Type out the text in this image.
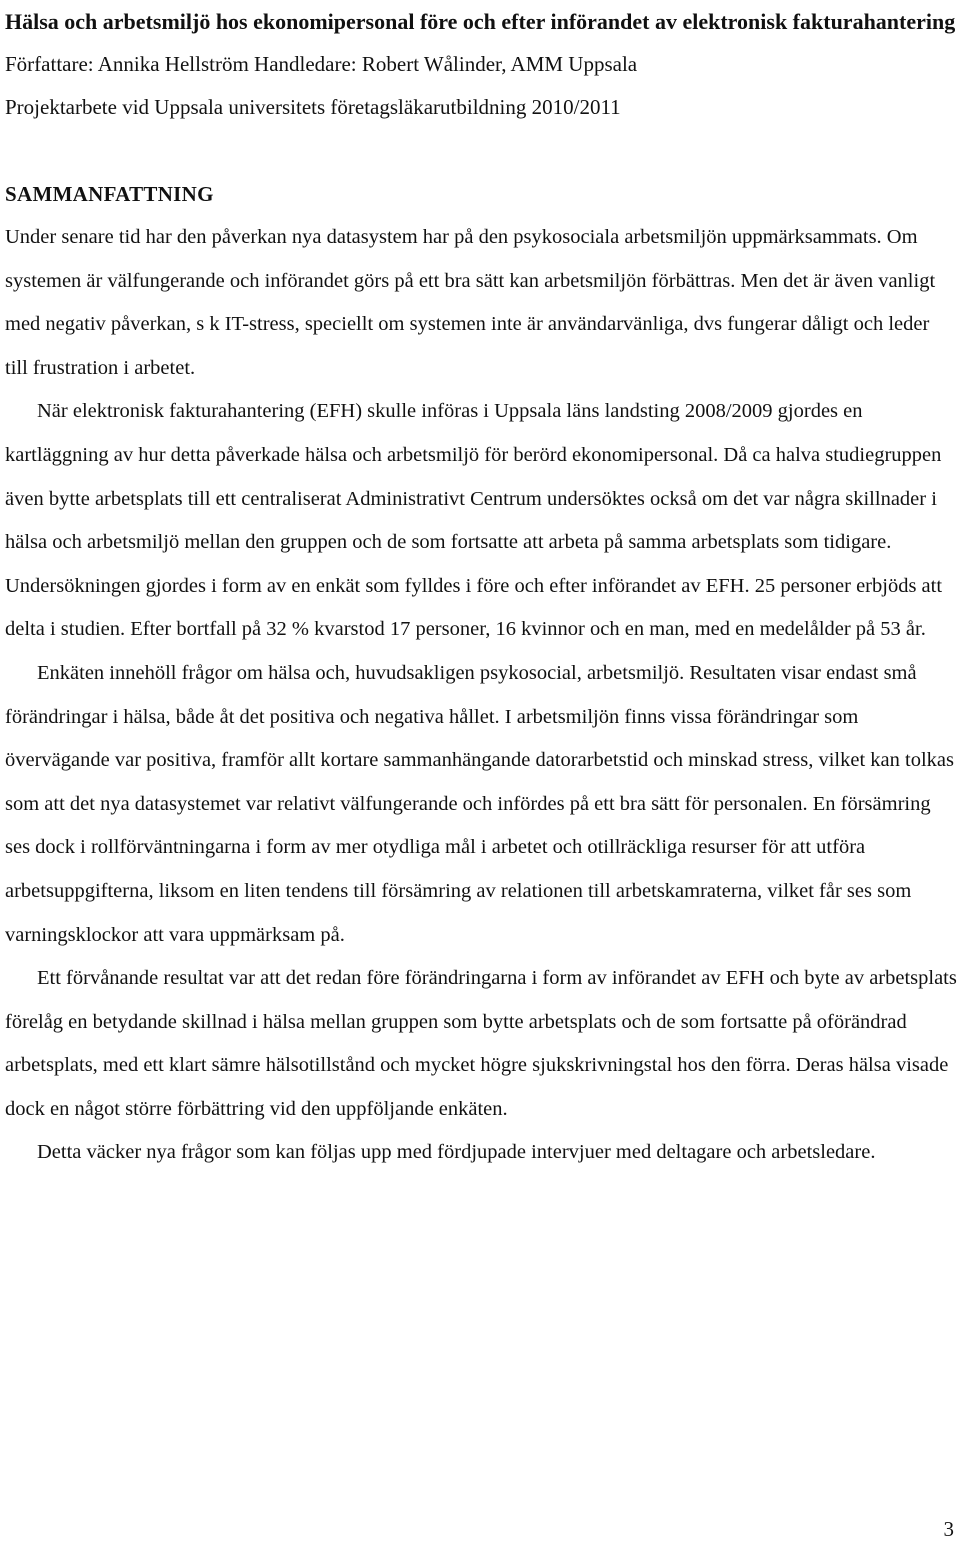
Hälsa och arbetsmiljö hos ekonomipersonal före och efter införandet av elektronisk fakturahantering

Författare: Annika Hellström Handledare: Robert Wålinder, AMM Uppsala

Projektarbete vid Uppsala universitets företagsläkarutbildning 2010/2011

SAMMANFATTNING

Under senare tid har den påverkan nya datasystem har på den psykosociala arbetsmiljön uppmärksammats. Om systemen är välfungerande och införandet görs på ett bra sätt kan arbetsmiljön förbättras. Men det är även vanligt med negativ påverkan, s k IT-stress, speciellt om systemen inte är användarvänliga, dvs fungerar dåligt och leder till frustration i arbetet.

När elektronisk fakturahantering (EFH) skulle införas i Uppsala läns landsting 2008/2009 gjordes en kartläggning av hur detta påverkade hälsa och arbetsmiljö för berörd ekonomipersonal. Då ca halva studiegruppen även bytte arbetsplats till ett centraliserat Administrativt Centrum undersöktes också om det var några skillnader i hälsa och arbetsmiljö mellan den gruppen och de som fortsatte att arbeta på samma arbetsplats som tidigare. Undersökningen gjordes i form av en enkät som fylldes i före och efter införandet av EFH. 25 personer erbjöds att delta i studien. Efter bortfall på 32 % kvarstod 17 personer, 16 kvinnor och en man, med en medelålder på 53 år.

Enkäten innehöll frågor om hälsa och, huvudsakligen psykosocial, arbetsmiljö. Resultaten visar endast små förändringar i hälsa, både åt det positiva och negativa hållet. I arbetsmiljön finns vissa förändringar som övervägande var positiva, framför allt kortare sammanhängande datorarbetstid och minskad stress, vilket kan tolkas som att det nya datasystemet var relativt välfungerande och infördes på ett bra sätt för personalen. En försämring ses dock i rollförväntningarna i form av mer otydliga mål i arbetet och otillräckliga resurser för att utföra arbetsuppgifterna, liksom en liten tendens till försämring av relationen till arbetskamraterna, vilket får ses som varningsklockor att vara uppmärksam på.

Ett förvånande resultat var att det redan före förändringarna i form av införandet av EFH och byte av arbetsplats förelåg en betydande skillnad i hälsa mellan gruppen som bytte arbetsplats och de som fortsatte på oförändrad arbetsplats, med ett klart sämre hälsotillstånd och mycket högre sjukskrivningstal hos den förra. Deras hälsa visade dock en något större förbättring vid den uppföljande enkäten.

Detta väcker nya frågor som kan följas upp med fördjupade intervjuer med deltagare och arbetsledare.

3
